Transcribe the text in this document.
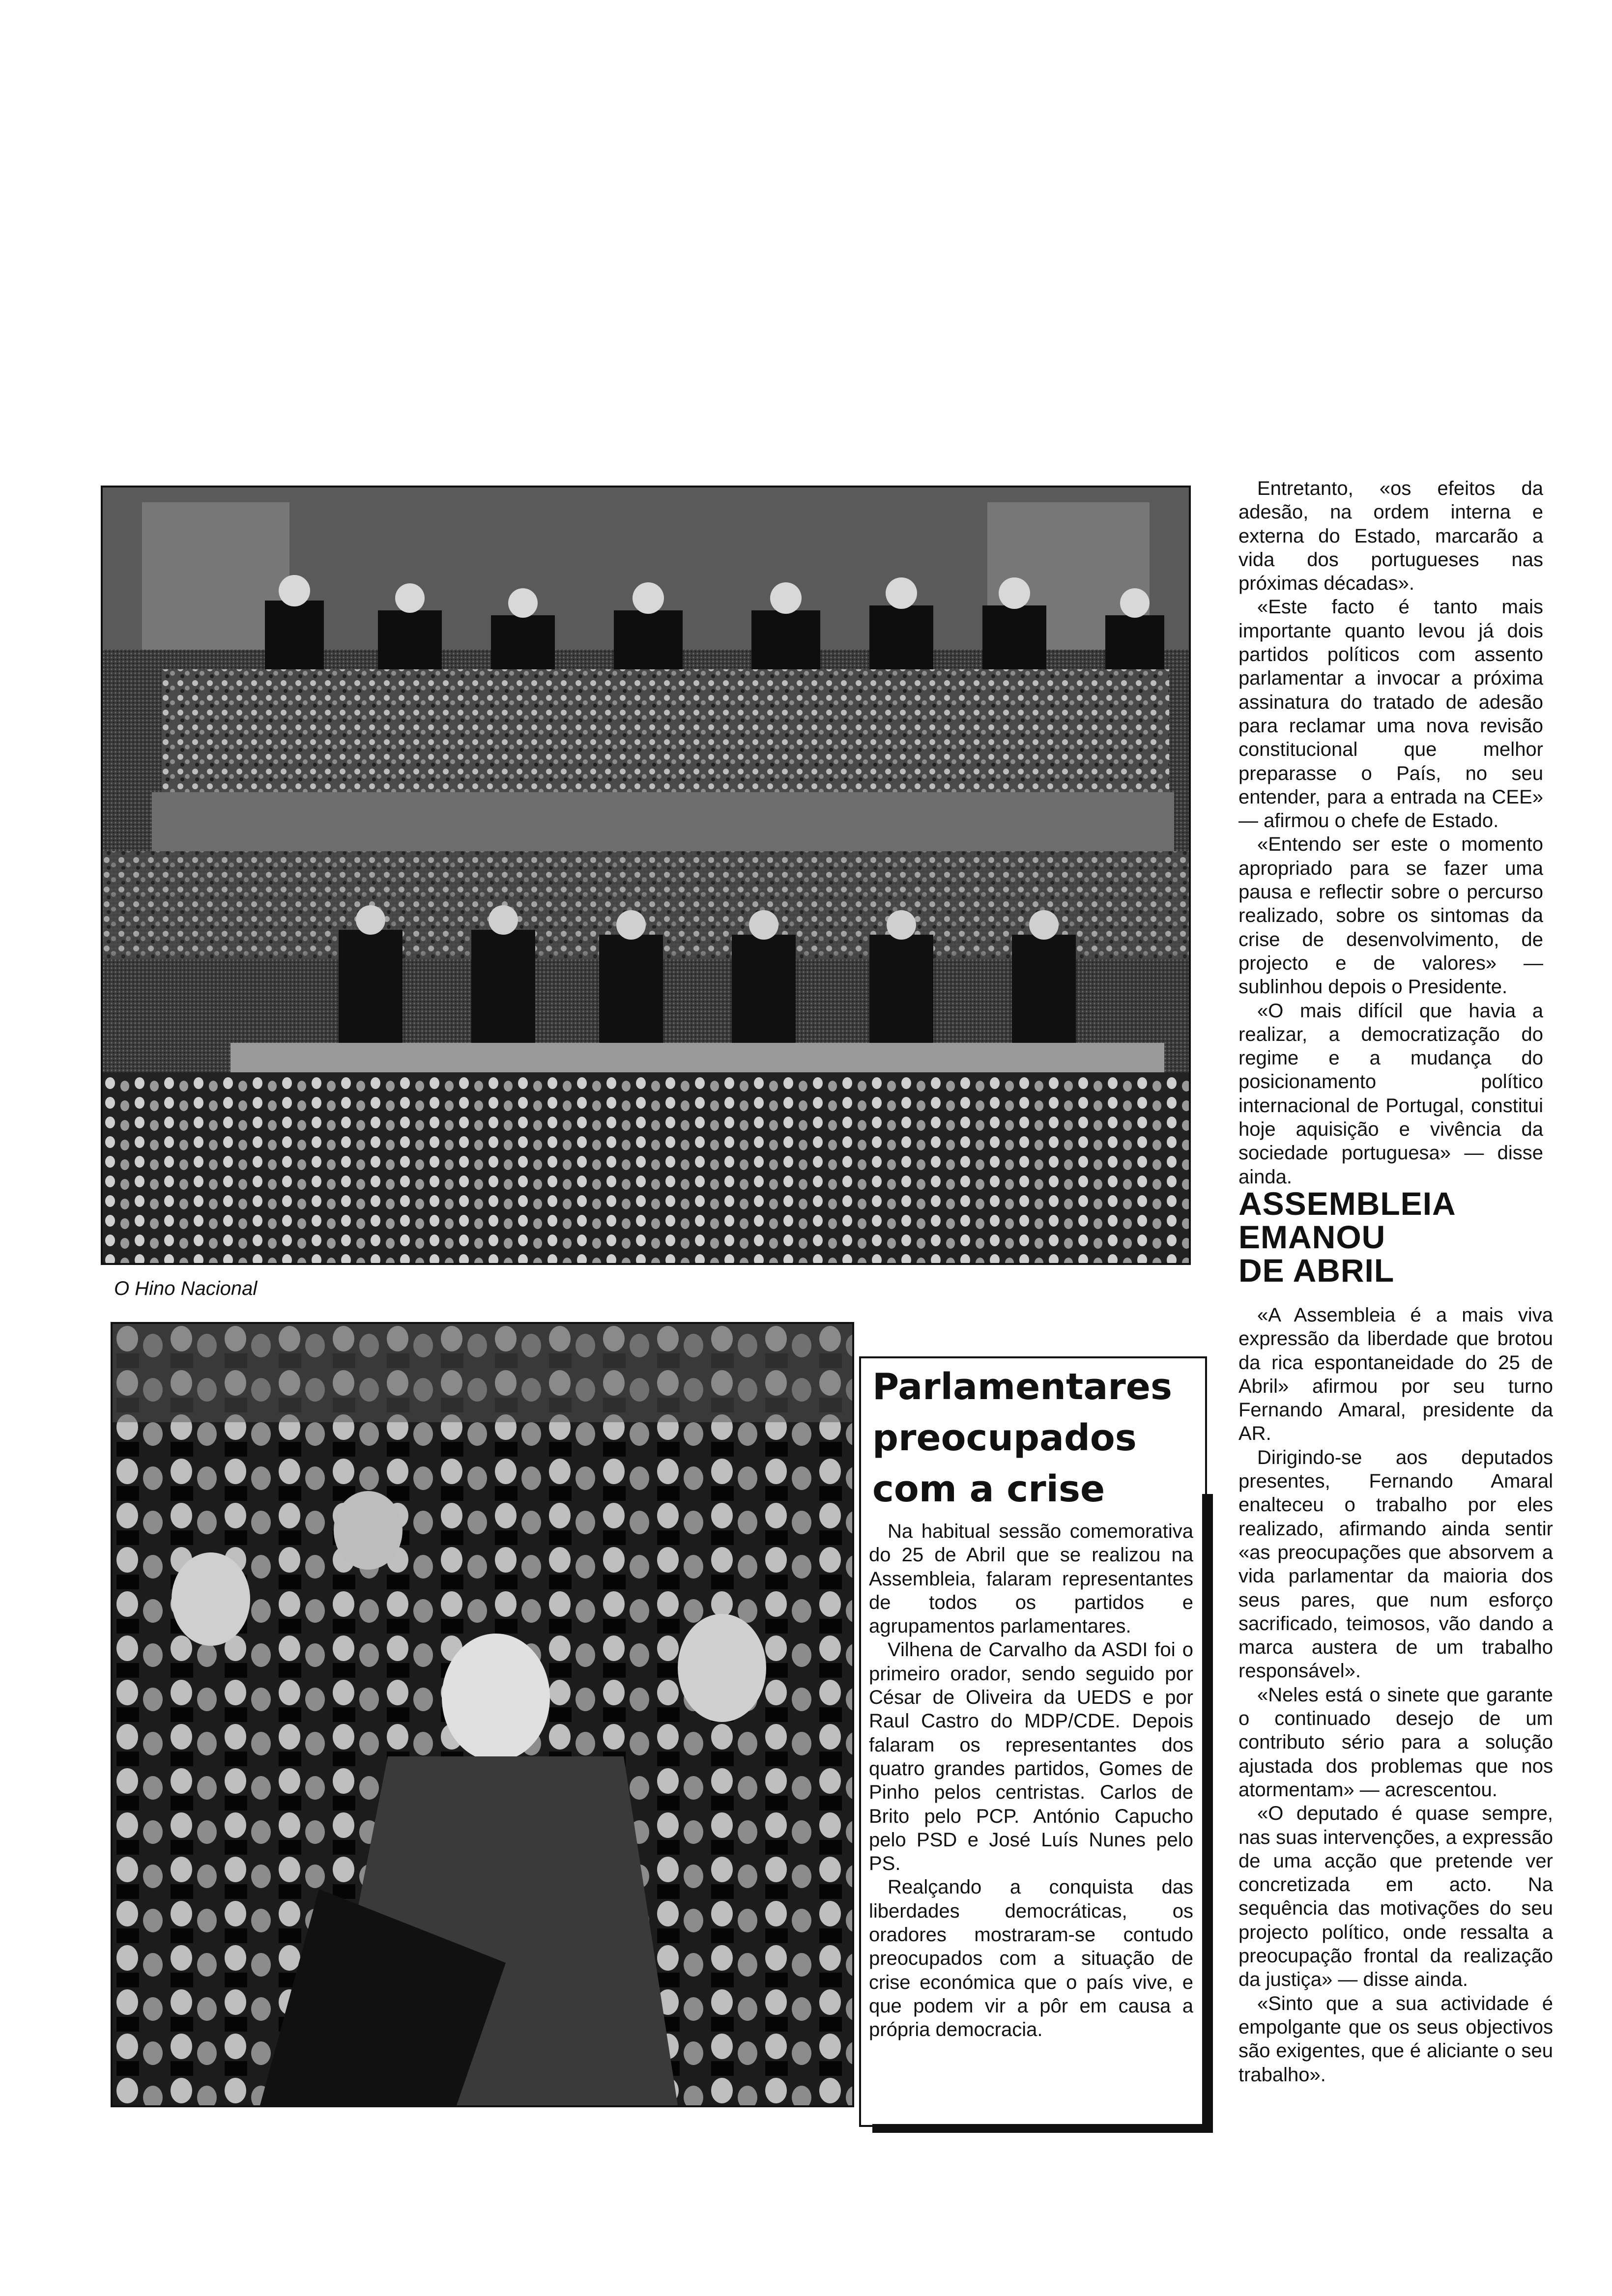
O Hino Nacional

Entretanto, «os efeitos da adesão, na ordem interna e externa do Estado, marcarão a vida dos portugueses nas próximas décadas».

«Este facto é tanto mais importante quanto levou já dois partidos políticos com assento parlamentar a invocar a próxima assinatura do tratado de adesão para reclamar uma nova revisão constitucional que melhor preparasse o País, no seu entender, para a entrada na CEE» — afirmou o chefe de Estado.

«Entendo ser este o momento apropriado para se fazer uma pausa e reflectir sobre o percurso realizado, sobre os sintomas da crise de desenvolvimento, de projecto e de valores» — sublinhou depois o Presidente.

«O mais difícil que havia a realizar, a democratização do regime e a mudança do posicionamento político internacional de Portugal, constitui hoje aquisição e vivência da sociedade portuguesa» — disse ainda.

ASSEMBLEIA
EMANOU
DE ABRIL

«A Assembleia é a mais viva expressão da liberdade que brotou da rica espontaneidade do 25 de Abril» afirmou por seu turno Fernando Amaral, presidente da AR.

Dirigindo-se aos deputados presentes, Fernando Amaral enalteceu o trabalho por eles realizado, afirmando ainda sentir «as preocupações que absorvem a vida parlamentar da maioria dos seus pares, que num esforço sacrificado, teimosos, vão dando a marca austera de um trabalho responsável».

«Neles está o sinete que garante o continuado desejo de um contributo sério para a solução ajustada dos problemas que nos atormentam» — acrescentou.

«O deputado é quase sempre, nas suas intervenções, a expressão de uma acção que pretende ver concretizada em acto. Na sequência das motivações do seu projecto político, onde ressalta a preocupação frontal da realização da justiça» — disse ainda.

«Sinto que a sua actividade é empolgante que os seus objectivos são exigentes, que é aliciante o seu trabalho».

Parlamentares
preocupados
com a crise

Na habitual sessão comemorativa do 25 de Abril que se realizou na Assembleia, falaram representantes de todos os partidos e agrupamentos parlamentares.

Vilhena de Carvalho da ASDI foi o primeiro orador, sendo seguido por César de Oliveira da UEDS e por Raul Castro do MDP/CDE. Depois falaram os representantes dos quatro grandes partidos, Gomes de Pinho pelos centristas. Carlos de Brito pelo PCP. António Capucho pelo PSD e José Luís Nunes pelo PS.

Realçando a conquista das liberdades democráticas, os oradores mostraram-se contudo preocupados com a situação de crise económica que o país vive, e que podem vir a pôr em causa a própria democracia.
